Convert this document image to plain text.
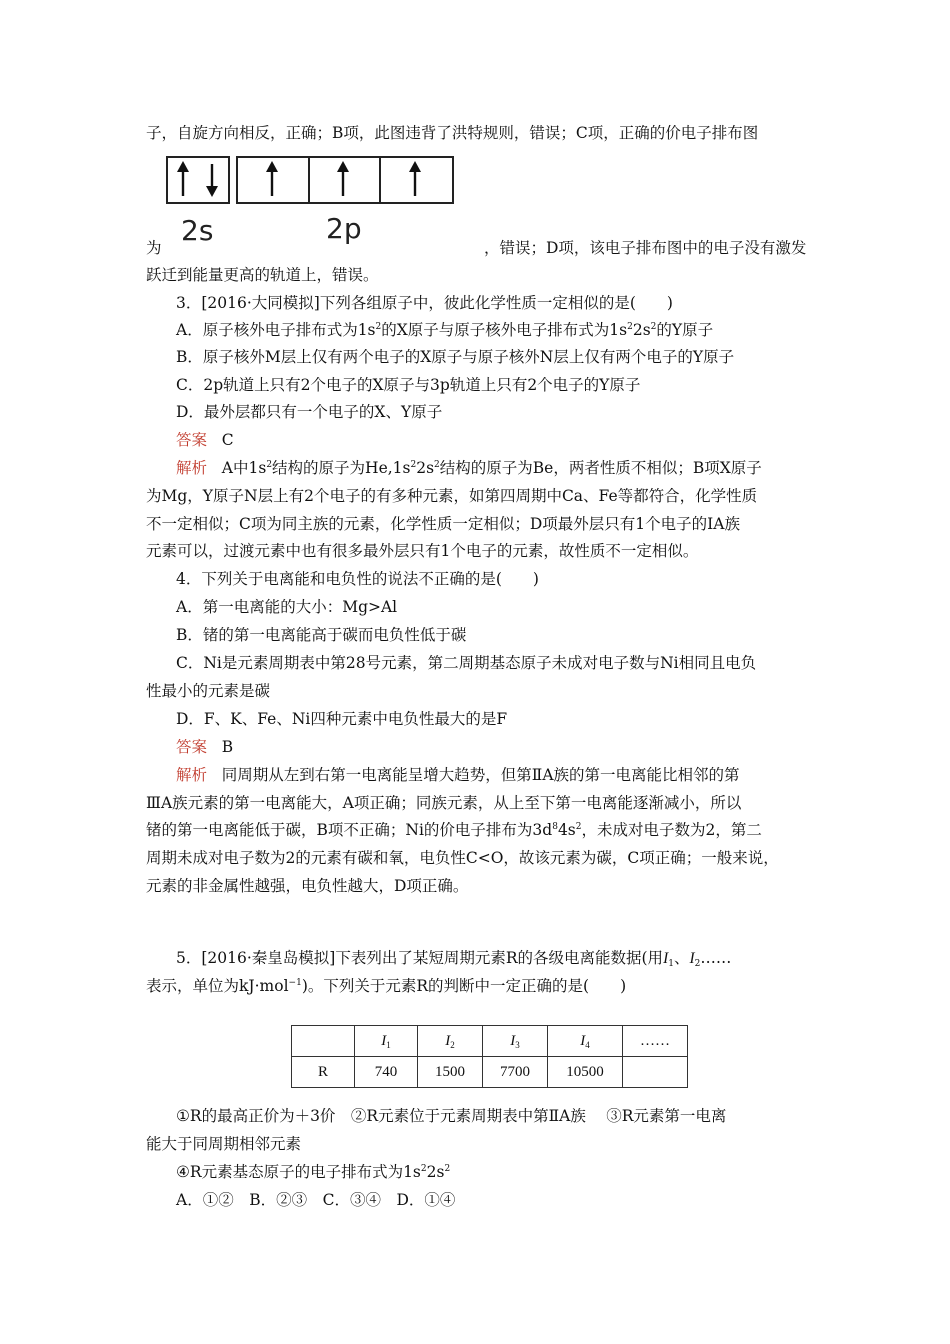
子，自旋方向相反，正确；B项，此图违背了洪特规则，错误；C项，正确的价电子排布图
2s	2p
为	，错误；D项，该电子排布图中的电子没有激发
跃迁到能量更高的轨道上，错误。
3．[2016·大同模拟]下列各组原子中，彼此化学性质一定相似的是(　　)
A．原子核外电子排布式为$1s^2$的X原子与原子核外电子排布式为$1s^22s^2$的Y原子
B．原子核外M层上仅有两个电子的X原子与原子核外N层上仅有两个电子的Y原子
C．2p轨道上只有2个电子的X原子与3p轨道上只有2个电子的Y原子
D．最外层都只有一个电子的X、Y原子
答案 C
解析 A中$1s^2$结构的原子为$He,1s^22s^2$结构的原子为Be，两者性质不相似；B项X原子
为Mg，Y原子N层上有2个电子的有多种元素，如第四周期中Ca、Fe等都符合，化学性质
不一定相似；C项为同主族的元素，化学性质一定相似；D项最外层只有1个电子的ⅠA族
元素可以，过渡元素中也有很多最外层只有1个电子的元素，故性质不一定相似。
4．下列关于电离能和电负性的说法不正确的是(　　)
A．第一电离能的大小：Mg>Al
B．锗的第一电离能高于碳而电负性低于碳
C．Ni是元素周期表中第28号元素，第二周期基态原子未成对电子数与Ni相同且电负
性最小的元素是碳
D．F、K、Fe、Ni四种元素中电负性最大的是F
答案 B
解析 同周期从左到右第一电离能呈增大趋势，但第ⅡA族的第一电离能比相邻的第
ⅢA族元素的第一电离能大，A项正确；同族元素，从上至下第一电离能逐渐减小，所以
锗的第一电离能低于碳，B项不正确；Ni的价电子排布为$3d^84s^2$，未成对电子数为2，第二
周期未成对电子数为2的元素有碳和氧，电负性C<O，故该元素为碳，C项正确；一般来说，
元素的非金属性越强，电负性越大，D项正确。
5．[2016·秦皇岛模拟]下表列出了某短周期元素R的各级电离能数据(用$I_1$、$I_2\dots\dots$
表示，单位为kJ·mol$^{-1}$)。下列关于元素R的判断中一定正确的是(　　)
	$I_1$	$I_2$	$I_3$	$I_4$	……
R	740	1500	7700	10500	
①R的最高正价为＋3价　②R元素位于元素周期表中第ⅡA族　 ③R元素第一电离
能大于同周期相邻元素
④R元素基态原子的电子排布式为$1s^22s^2$
A．①②　B．②③　C．③④　D．①④
